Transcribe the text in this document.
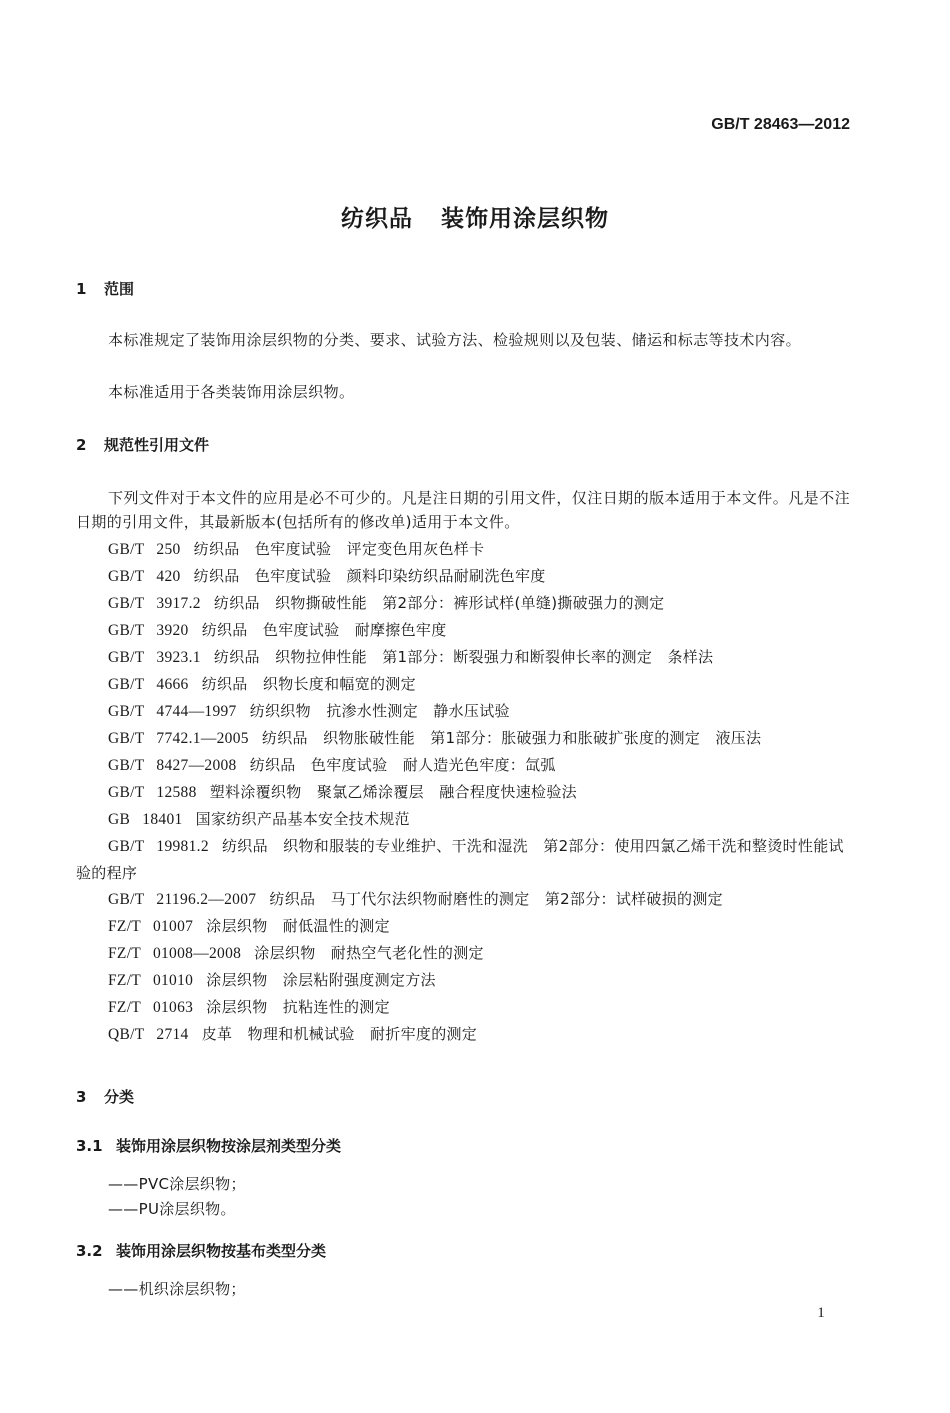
GB/T 28463—2012
纺织品 装饰用涂层织物
1 范围

本标准规定了装饰用涂层织物的分类、要求、试验方法、检验规则以及包装、储运和标志等技术内容。

本标准适用于各类装饰用涂层织物。

2 规范性引用文件

下列文件对于本文件的应用是必不可少的。凡是注日期的引用文件，仅注日期的版本适用于本文件。凡是不注日期的引用文件，其最新版本(包括所有的修改单)适用于本文件。

GB/T 250 纺织品　色牢度试验　评定变色用灰色样卡
GB/T 420 纺织品　色牢度试验　颜料印染纺织品耐刷洗色牢度
GB/T 3917.2 纺织品　织物撕破性能　第2部分：裤形试样(单缝)撕破强力的测定
GB/T 3920 纺织品　色牢度试验　耐摩擦色牢度
GB/T 3923.1 纺织品　织物拉伸性能　第1部分：断裂强力和断裂伸长率的测定　条样法
GB/T 4666 纺织品　织物长度和幅宽的测定
GB/T 4744—1997 纺织织物　抗渗水性测定　静水压试验
GB/T 7742.1—2005 纺织品　织物胀破性能　第1部分：胀破强力和胀破扩张度的测定　液压法
GB/T 8427—2008 纺织品　色牢度试验　耐人造光色牢度：氙弧
GB/T 12588 塑料涂覆织物　聚氯乙烯涂覆层　融合程度快速检验法
GB 18401 国家纺织产品基本安全技术规范
GB/T 19981.2 纺织品　织物和服装的专业维护、干洗和湿洗　第2部分：使用四氯乙烯干洗和整烫时性能试验的程序
GB/T 21196.2—2007 纺织品　马丁代尔法织物耐磨性的测定　第2部分：试样破损的测定
FZ/T 01007 涂层织物　耐低温性的测定
FZ/T 01008—2008 涂层织物　耐热空气老化性的测定
FZ/T 01010 涂层织物　涂层粘附强度测定方法
FZ/T 01063 涂层织物　抗粘连性的测定
QB/T 2714 皮革　物理和机械试验　耐折牢度的测定
3 分类
3.1 装饰用涂层织物按涂层剂类型分类
——PVC涂层织物；
——PU涂层织物。
3.2 装饰用涂层织物按基布类型分类
——机织涂层织物；
1
